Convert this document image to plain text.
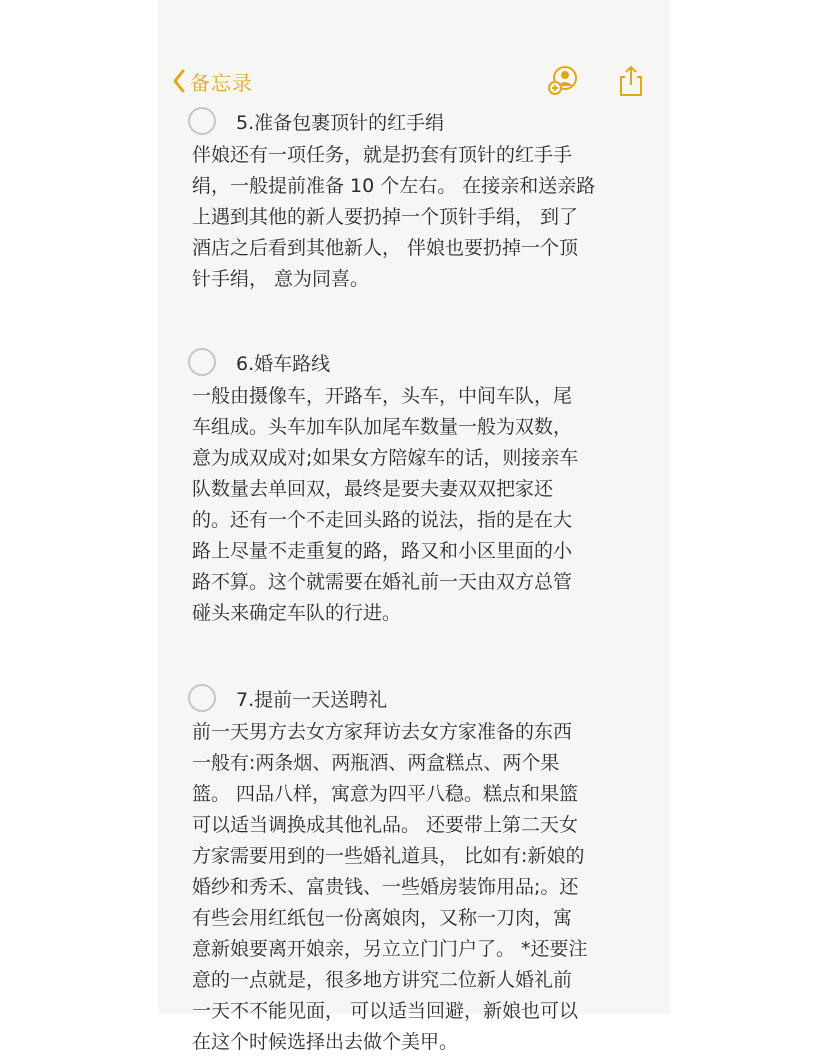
备忘录
5.准备包裹顶针的红手绢
伴娘还有一项任务，就是扔套有顶针的红手手
绢，一般提前准备 10 个左右。 在接亲和送亲路
上遇到其他的新人要扔掉一个顶针手绢， 到了
酒店之后看到其他新人， 伴娘也要扔掉一个顶
针手绢， 意为同喜。
6.婚车路线
一般由摄像车，开路车，头车，中间车队，尾
车组成。头车加车队加尾车数量一般为双数，
意为成双成对;如果女方陪嫁车的话，则接亲车
队数量去单回双，最终是要夫妻双双把家还
的。还有一个不走回头路的说法，指的是在大
路上尽量不走重复的路，路又和小区里面的小
路不算。这个就需要在婚礼前一天由双方总管
碰头来确定车队的行进。
7.提前一天送聘礼
前一天男方去女方家拜访去女方家准备的东西
一般有:两条烟、两瓶酒、两盒糕点、两个果
篮。 四品八样，寓意为四平八稳。糕点和果篮
可以适当调换成其他礼品。 还要带上第二天女
方家需要用到的一些婚礼道具， 比如有:新娘的
婚纱和秀禾、富贵钱、一些婚房装饰用品;。还
有些会用红纸包一份离娘肉，又称一刀肉，寓
意新娘要离开娘亲，另立立门门户了。 *还要注
意的一点就是，很多地方讲究二位新人婚礼前
一天不不能见面， 可以适当回避，新娘也可以
在这个时候选择出去做个美甲。
